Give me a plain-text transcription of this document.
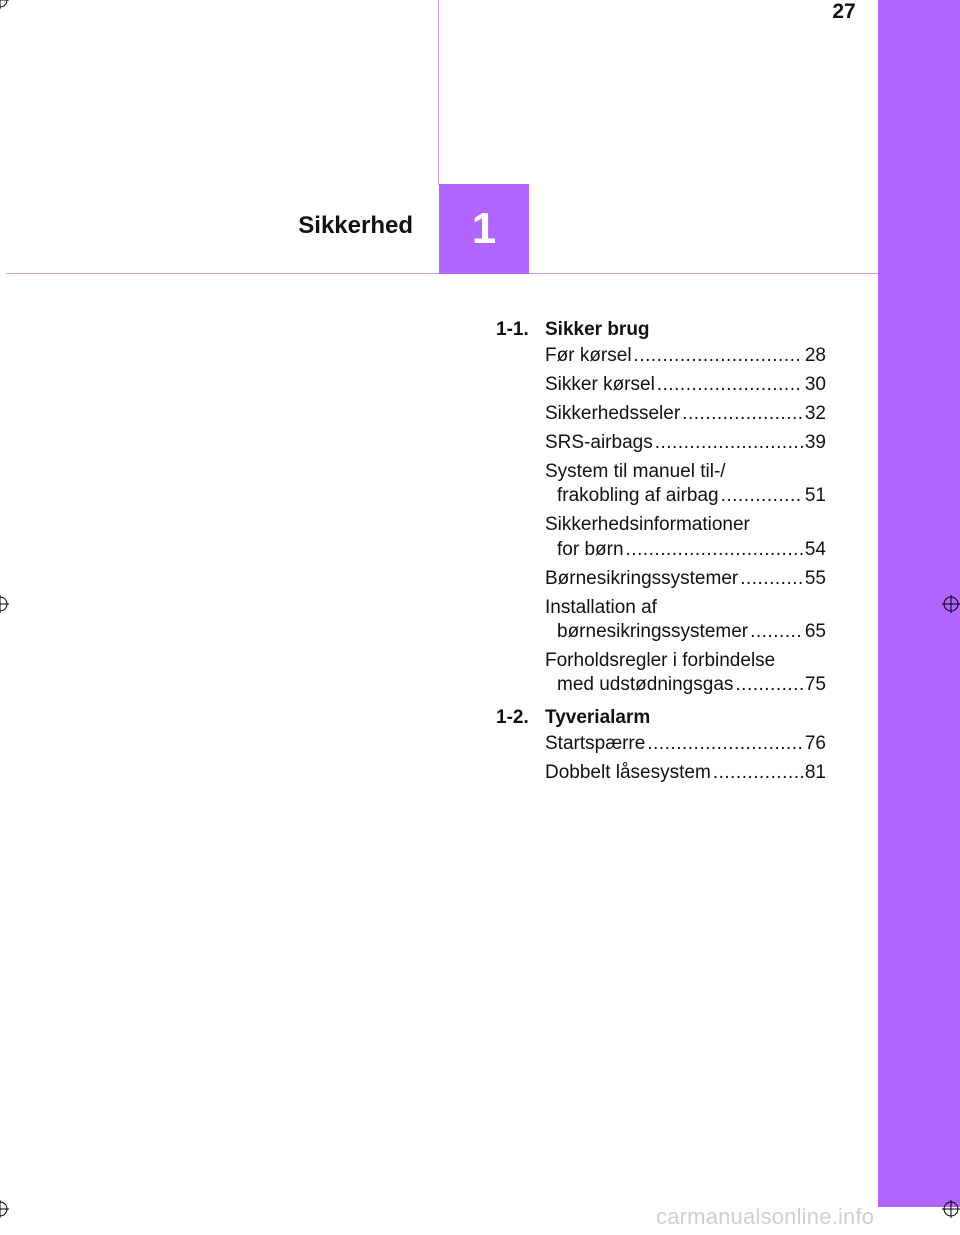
27
1
Sikkerhed
1-1. Sikker brug
Før kørsel .....	28
Sikker kørsel .....	30
Sikkerhedsseler .....	32
SRS-airbags .....	39
System til manuel til-/
frakobling af airbag .....	51
Sikkerhedsinformationer
for børn .....	54
Børnesikringssystemer .....	55
Installation af
børnesikringssystemer .....	65
Forholdsregler i forbindelse
med udstødningsgas .....	75
1-2. Tyverialarm
Startspærre .....	76
Dobbelt låsesystem .....	81
carmanualsonline.info
